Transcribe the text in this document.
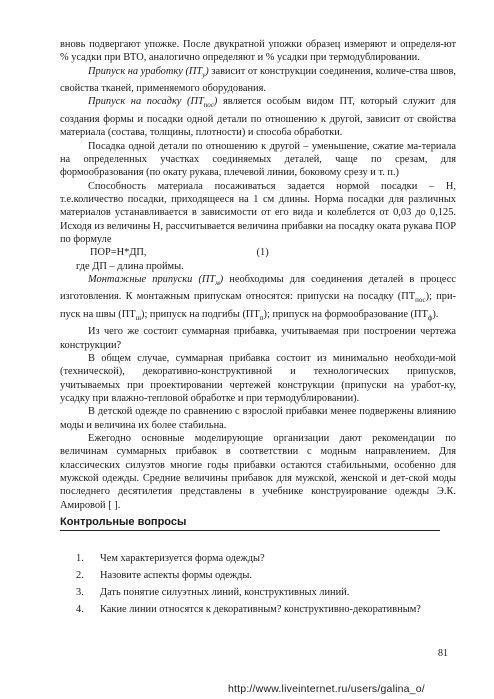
вновь подвергают упожке. После двукратной упожки образец измеряют и определя-ют % усадки при ВТО, аналогично определяют и % усадки при термодублировании.

Припуск на уработку $(ПТ_у)$ зависит от конструкции соединения, количе-ства швов, свойства тканей, применяемого оборудования.

Припуск на посадку $(ПТ_{пос})$ является особым видом ПТ, который служит для создания формы и посадки одной детали по отношению к другой, зависит от свойства материала (состава, толщины, плотности) и способа обработки.

Посадка одной детали по отношению к другой – уменьшение, сжатие ма-териала на определенных участках соединяемых деталей, чаще по срезам, для формообразования (по окату рукава, плечевой линии, боковому срезу и т. п.)

Способность материала посаживаться задается нормой посадки – Н, т.е.количество посадки, приходящееся на 1 см длины. Норма посадки для различных материалов устанавливается в зависимости от его вида и колеблется от 0,03 до 0,125. Исходя из величины Н, рассчитывается величина прибавки на посадку оката рукава ПОР по формуле

ПОР=Н*ДП,	(1)

где ДП – длина проймы.

Монтажные припуски $(ПТ_м)$ необходимы для соединения деталей в процесс изготовления. К монтажным припускам относятся: припуски на посадку $(ПТ_{пос})$; при-пуск на швы $(ПТ_ш)$; припуск на подгибы $(ПТ_п)$; припуск на формообразование $(ПТ_ф)$.

Из чего же состоит суммарная прибавка, учитываемая при построении чертежа конструкции?

В общем случае, суммарная прибавка состоит из минимально необходи-мой (технической), декоративно-конструктивной и технологических припусков, учитываемых при проектировании чертежей конструкции (припуски на уработ-ку, усадку при влажно-тепловой обработке и при термодублировании).

В детской одежде по сравнению с взрослой прибавки менее подвержены влиянию моды и величина их более стабильна.

Ежегодно основные моделирующие организации дают рекомендации по величинам суммарных прибавок в соответствии с модным направлением. Для классических силуэтов многие годы прибавки остаются стабильными, особенно для мужской одежды. Средние величины прибавок для мужской, женской и дет-ской моды последнего десятилетия представлены в учебнике конструирование одежды Э.К. Амировой [ ].

Контрольные вопросы
1.	Чем характеризуется форма одежды?
2.	Назовите аспекты формы одежды.
3.	Дать понятие силуэтных линий, конструктивных линий.
4. Какие линии относятся к декоративным? конструктивно-декоративным?
81
http://www.liveinternet.ru/users/galina_o/
